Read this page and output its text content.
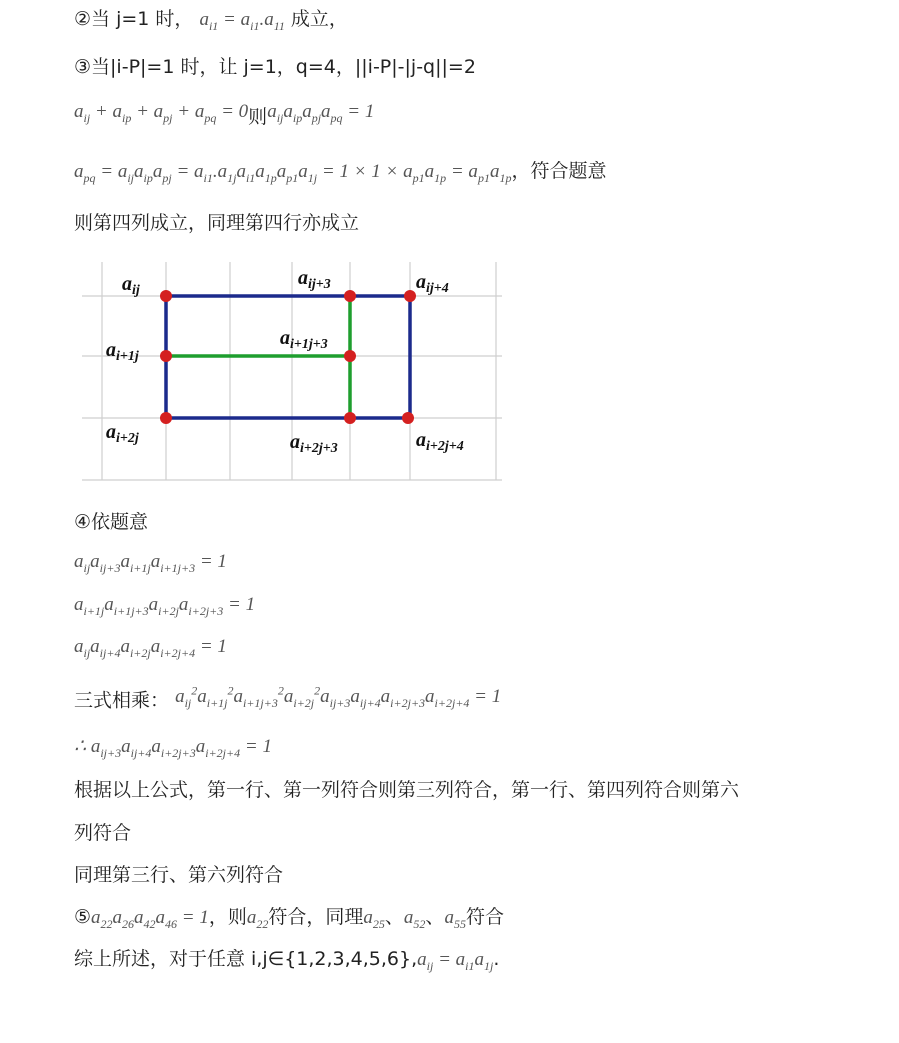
②当 j=1 时， $a_{i1} = a_{i1}.a_{11}$ 成立，
③当|i-P|=1 时，让 j=1，q=4，||i-P|-|j-q||=2
$a_{ij} + a_{ip} + a_{pj} + a_{pq} = 0$则$a_{ij}a_{ip}a_{pj}a_{pq} = 1$
$a_{pq} = a_{ij}a_{ip}a_{pj} = a_{i1}.a_{1j}a_{i1}a_{1p}a_{p1}a_{1j} = 1 \times 1 \times a_{p1}a_{1p} = a_{p1}a_{1p}$，符合题意
则第四列成立，同理第四行亦成立
$a_{ij}$
$a_{ij+3}$	$a_{ij+4}$
$a_{i+1j}$
$a_{i+1j+3}$
$a_{i+2j}$	$a_{i+2j+3}$	$a_{i+2j+4}$
④依题意
$a_{ij}a_{ij+3}a_{i+1j}a_{i+1j+3} = 1$
$a_{i+1j}a_{i+1j+3}a_{i+2j}a_{i+2j+3} = 1$
$a_{ij}a_{ij+4}a_{i+2j}a_{i+2j+4} = 1$
三式相乘： $a_{ij}^2a_{i+1j}^2a_{i+1j+3}^2a_{i+2j}^2a_{ij+3}a_{ij+4}a_{i+2j+3}a_{i+2j+4} = 1$
∴ $a_{ij+3}a_{ij+4}a_{i+2j+3}a_{i+2j+4} = 1$
根据以上公式，第一行、第一列符合则第三列符合，第一行、第四列符合则第六
列符合
同理第三行、第六列符合
$⑤a_{22}a_{26}a_{42}a_{46} = 1$，则$a_{22}$符合，同理$a_{25}$、$a_{52}$、$a_{55}$符合
综上所述，对于任意 $i,j\in\{1,2,3,4,5,6\},a_{ij} = a_{i1}a_{1j}$.
